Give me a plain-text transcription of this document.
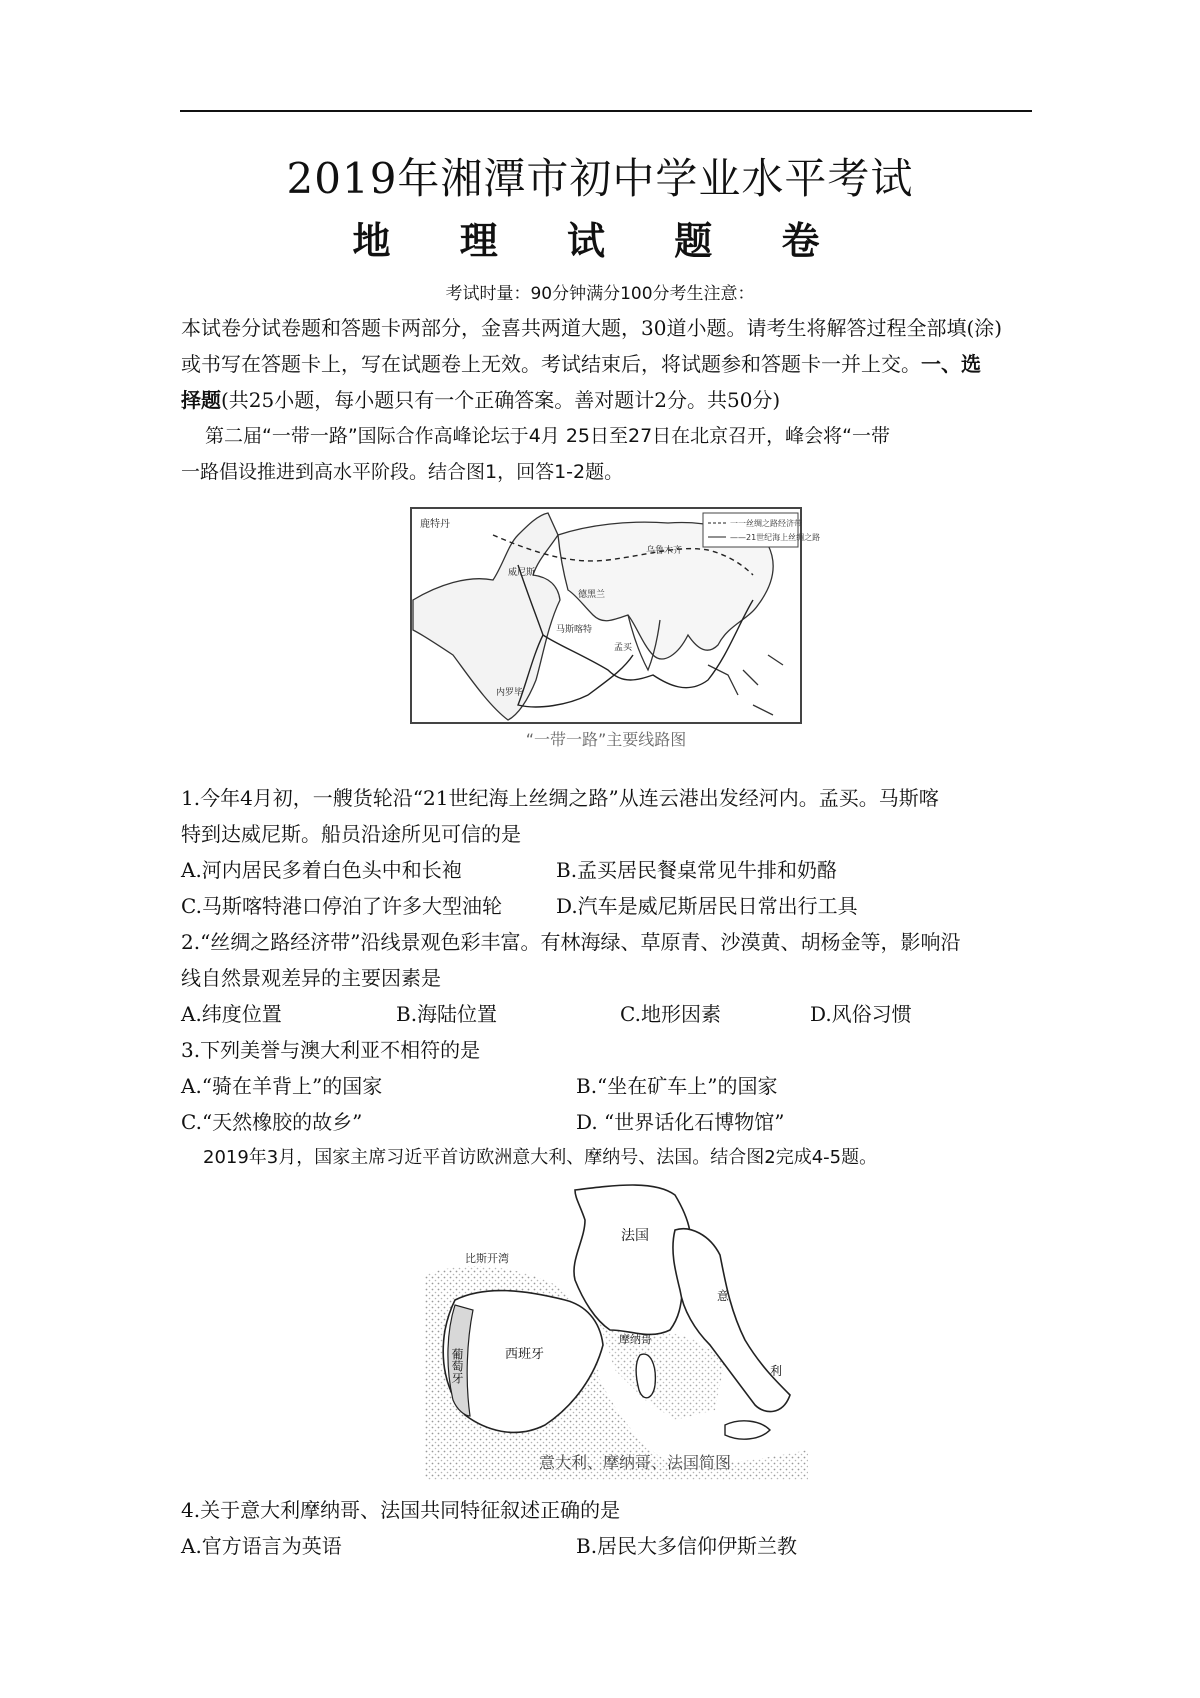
2019年湘潭市初中学业水平考试
地 理 试 题 卷
考试时量：90分钟满分100分考生注意：
本试卷分试卷题和答题卡两部分，金喜共两道大题，30道小题。请考生将解答过程全部填(涂)
或书写在答题卡上，写在试题卷上无效。考试结束后，将试题参和答题卡一并上交。一、选
择题(共25小题，每小题只有一个正确答案。善对题计2分。共50分)
第二届“一带一路”国际合作高峰论坛于4月 25日至27日在北京召开，峰会将“一带
一路倡设推进到高水平阶段。结合图1，回答1-2题。
一一丝绸之路经济带
——21世纪海上丝绸之路
鹿特丹
威尼斯
乌鲁木齐
德黑兰
马斯喀特
孟买
内罗毕
“一带一路”主要线路图
1.今年4月初，一艘货轮沿“21世纪海上丝绸之路”从连云港出发经河内。孟买。马斯喀
特到达威尼斯。船员沿途所见可信的是
A.河内居民多着白色头中和长袍	B.孟买居民餐桌常见牛排和奶酪
C.马斯喀特港口停泊了许多大型油轮	D.汽车是威尼斯居民日常出行工具
2.“丝绸之路经济带”沿线景观色彩丰富。有林海绿、草原青、沙漠黄、胡杨金等，影响沿
线自然景观差异的主要因素是
A.纬度位置	B.海陆位置	C.地形因素	D.风俗习惯
3.下列美誉与澳大利亚不相符的是
A.“骑在羊背上”的国家	B.“坐在矿车上”的国家
C.“天然橡胶的故乡”	D. “世界话化石博物馆”
2019年3月，国家主席习近平首访欧洲意大利、摩纳号、法国。结合图2完成4-5题。
比斯开湾
法国
葡萄牙	西班牙
摩纳哥
意
利
意大利、摩纳哥、法国简图
4.关于意大利摩纳哥、法国共同特征叙述正确的是
A.官方语言为英语	B.居民大多信仰伊斯兰教
